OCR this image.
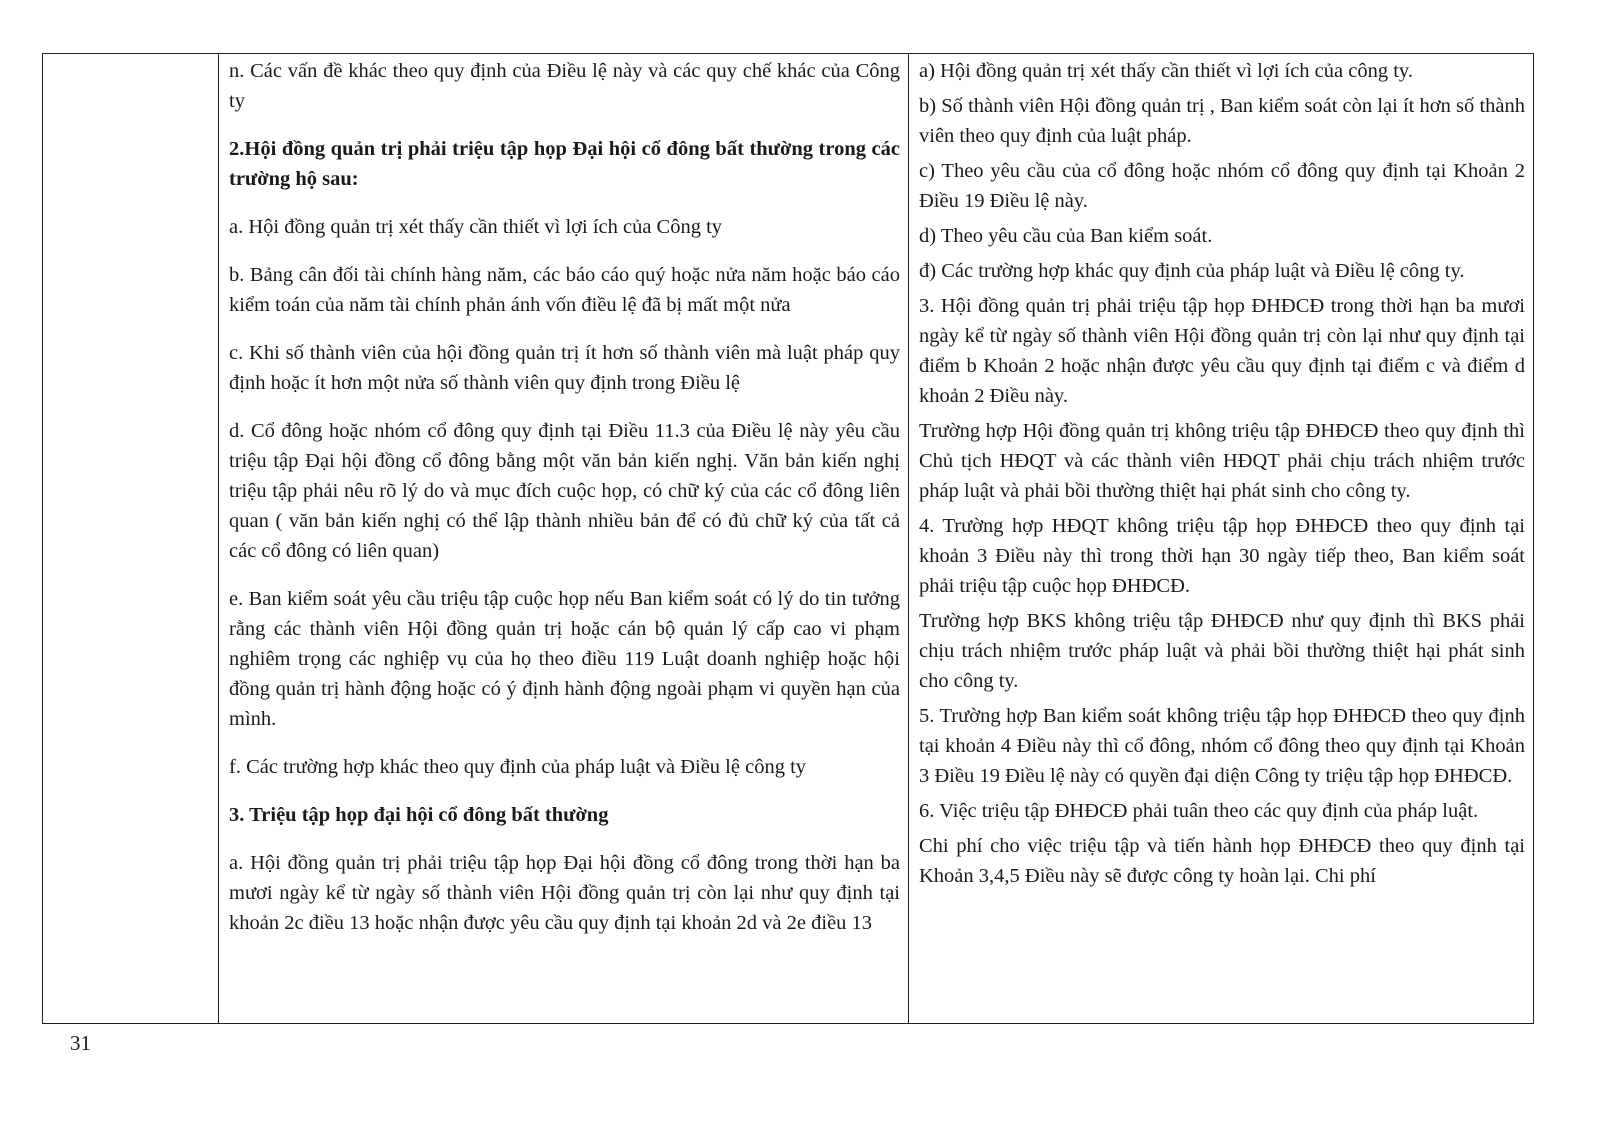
n. Các vấn đề khác theo quy định của Điều lệ này và các quy chế khác của Công ty

2.Hội đồng quản trị phải triệu tập họp Đại hội cổ đông bất thường trong các trường hộ sau:

a. Hội đồng quản trị xét thấy cần thiết vì lợi ích của Công ty

b. Bảng cân đối tài chính hàng năm, các báo cáo quý hoặc nửa năm hoặc báo cáo kiểm toán của năm tài chính phản ánh vốn điều lệ đã bị mất một nửa

c. Khi số thành viên của hội đồng quản trị ít hơn số thành viên mà luật pháp quy định hoặc ít hơn một nửa số thành viên quy định trong Điều lệ

d. Cổ đông hoặc nhóm cổ đông quy định tại Điều 11.3 của Điều lệ này yêu cầu triệu tập Đại hội đồng cổ đông bằng một văn bản kiến nghị. Văn bản kiến nghị triệu tập phải nêu rõ lý do và mục đích cuộc họp, có chữ ký của các cổ đông liên quan ( văn bản kiến nghị có thể lập thành nhiều bản để có đủ chữ ký của tất cả các cổ đông có liên quan)

e. Ban kiểm soát yêu cầu triệu tập cuộc họp nếu Ban kiểm soát có lý do tin tưởng rằng các thành viên Hội đồng quản trị hoặc cán bộ quản lý cấp cao vi phạm nghiêm trọng các nghiệp vụ của họ theo điều 119 Luật doanh nghiệp hoặc hội đồng quản trị hành động hoặc có ý định hành động ngoài phạm vi quyền hạn của mình.

f. Các trường hợp khác theo quy định của pháp luật và Điều lệ công ty

3. Triệu tập họp đại hội cổ đông bất thường

a. Hội đồng quản trị phải triệu tập họp Đại hội đồng cổ đông trong thời hạn ba mươi ngày kể từ ngày số thành viên Hội đồng quản trị còn lại như quy định tại khoản 2c điều 13 hoặc nhận được yêu cầu quy định tại khoản 2d và 2e điều 13

a) Hội đồng quản trị xét thấy cần thiết vì lợi ích của công ty.

b) Số thành viên Hội đồng quản trị , Ban kiểm soát còn lại ít hơn số thành viên theo quy định của luật pháp.

c) Theo yêu cầu của cổ đông hoặc nhóm cổ đông quy định tại Khoản 2 Điều 19 Điều lệ này.

d) Theo yêu cầu của Ban kiểm soát.

đ) Các trường hợp khác quy định của pháp luật và Điều lệ công ty.

3. Hội đồng quản trị phải triệu tập họp ĐHĐCĐ trong thời hạn ba mươi ngày kể từ ngày số thành viên Hội đồng quản trị còn lại như quy định tại điểm b Khoản 2 hoặc nhận được yêu cầu quy định tại điểm c và điểm d khoản 2 Điều này.

Trường hợp Hội đồng quản trị không triệu tập ĐHĐCĐ theo quy định thì Chủ tịch HĐQT và các thành viên HĐQT phải chịu trách nhiệm trước pháp luật và phải bồi thường thiệt hại phát sinh cho công ty.

4. Trường hợp HĐQT không triệu tập họp ĐHĐCĐ theo quy định tại khoản 3 Điều này thì trong thời hạn 30 ngày tiếp theo, Ban kiểm soát phải triệu tập cuộc họp ĐHĐCĐ.

Trường hợp BKS không triệu tập ĐHĐCĐ như quy định thì BKS phải chịu trách nhiệm trước pháp luật và phải bồi thường thiệt hại phát sinh cho công ty.

5. Trường hợp Ban kiểm soát không triệu tập họp ĐHĐCĐ theo quy định tại khoản 4 Điều này thì cổ đông, nhóm cổ đông theo quy định tại Khoản 3 Điều 19 Điều lệ này có quyền đại diện Công ty triệu tập họp ĐHĐCĐ.

6. Việc triệu tập ĐHĐCĐ phải tuân theo các quy định của pháp luật.

Chi phí cho việc triệu tập và tiến hành họp ĐHĐCĐ theo quy định tại Khoản 3,4,5 Điều này sẽ được công ty hoàn lại. Chi phí

31
